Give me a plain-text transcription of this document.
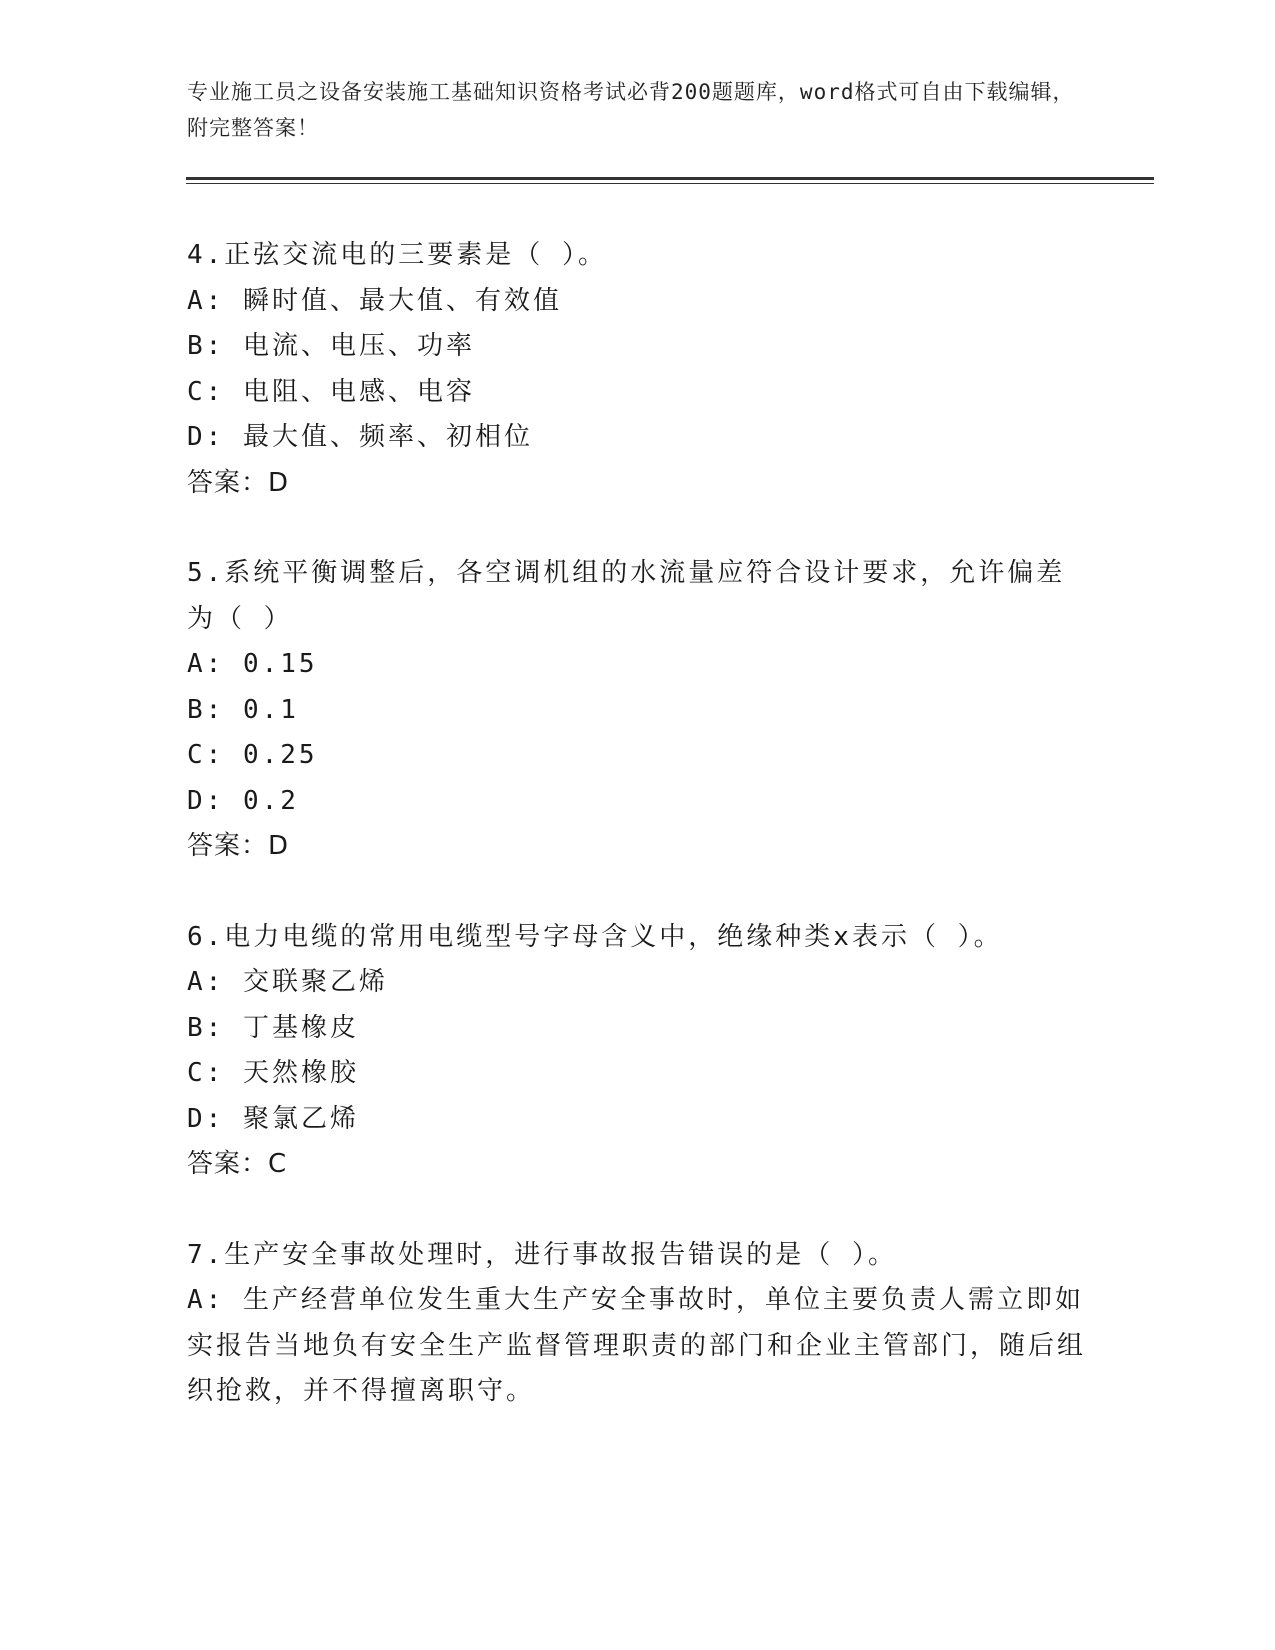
专业施工员之设备安装施工基础知识资格考试必背200题题库，word格式可自由下载编辑，附完整答案！
4.正弦交流电的三要素是（ ）。
A: 瞬时值、最大值、有效值
B: 电流、电压、功率
C: 电阻、电感、电容
D: 最大值、频率、初相位
答案：D
5.系统平衡调整后，各空调机组的水流量应符合设计要求，允许偏差为（ ）
A: 0.15
B: 0.1
C: 0.25
D: 0.2
答案：D
6.电力电缆的常用电缆型号字母含义中，绝缘种类x表示（ ）。
A: 交联聚乙烯
B: 丁基橡皮
C: 天然橡胶
D: 聚氯乙烯
答案：C
7.生产安全事故处理时，进行事故报告错误的是（ ）。
A: 生产经营单位发生重大生产安全事故时，单位主要负责人需立即如实报告当地负有安全生产监督管理职责的部门和企业主管部门，随后组织抢救，并不得擅离职守。
